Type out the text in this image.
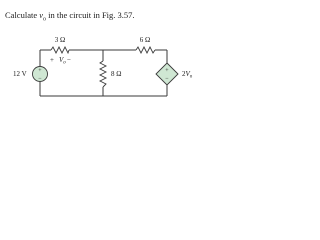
Calculate $v_o$ in the circuit in Fig. 3.57.
+
−
+
−
3 Ω	6 Ω
8 Ω
12 V
+ $V_o$ −
$2V_o$
